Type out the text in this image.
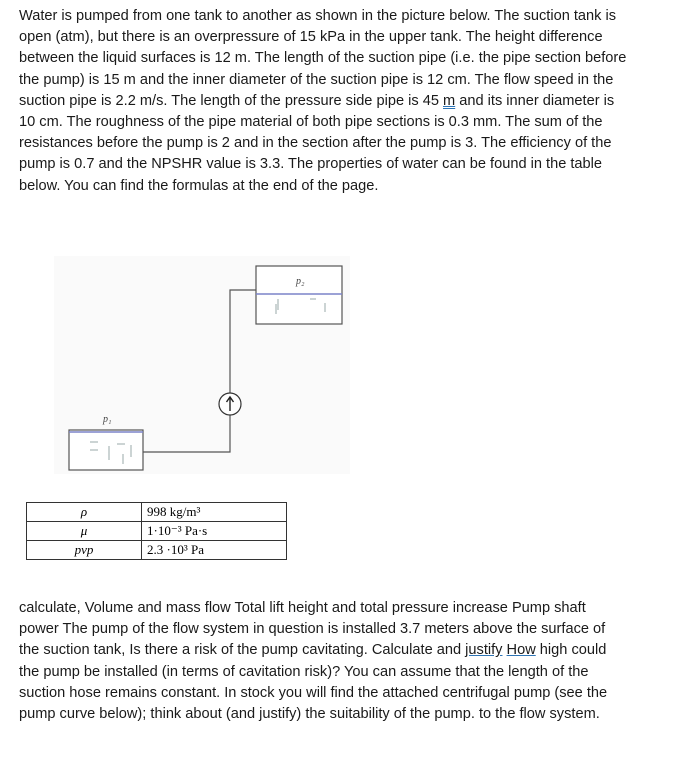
Water is pumped from one tank to another as shown in the picture below. The suction tank is open (atm), but there is an overpressure of 15 kPa in the upper tank. The height difference between the liquid surfaces is 12 m. The length of the suction pipe (i.e. the pipe section before the pump) is 15 m and the inner diameter of the suction pipe is 12 cm. The flow speed in the suction pipe is 2.2 m/s. The length of the pressure side pipe is 45 m and its inner diameter is 10 cm. The roughness of the pipe material of both pipe sections is 0.3 mm. The sum of the resistances before the pump is 2 and in the section after the pump is 3. The efficiency of the pump is 0.7 and the NPSHR value is 3.3. The properties of water can be found in the table below. You can find the formulas at the end of the page.
p₂
p₁
ρ	998 kg/m³
μ	1·10⁻³ Pa·s
pvp	2.3 ·10³ Pa
calculate, Volume and mass flow Total lift height and total pressure increase Pump shaft power The pump of the flow system in question is installed 3.7 meters above the surface of the suction tank, Is there a risk of the pump cavitating. Calculate and justify How high could the pump be installed (in terms of cavitation risk)? You can assume that the length of the suction hose remains constant. In stock you will find the attached centrifugal pump (see the pump curve below); think about (and justify) the suitability of the pump. to the flow system.
